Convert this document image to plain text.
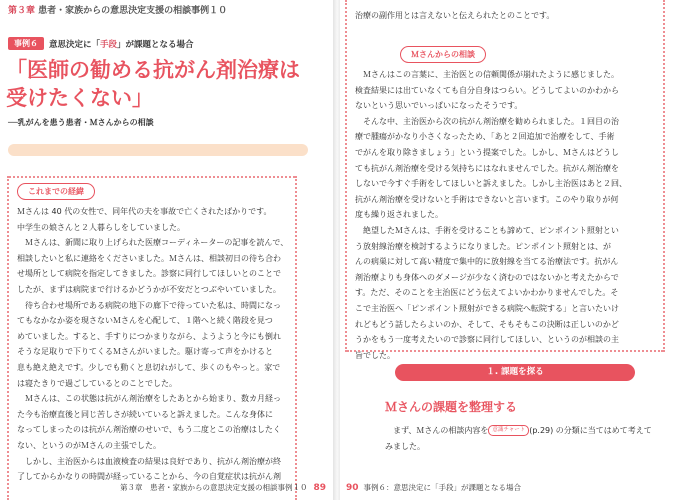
第３章 患者・家族からの意思決定支援の相談事例１０
事例６	意思決定に「手段」が課題となる場合
「医師の勧める抗がん剤治療は
受けたくない」
──乳がんを患う患者・Ｍさんからの相談
これまでの経緯

Ｍさんは 40 代の女性で、同年代の夫を事故で亡くされたばかりです。

中学生の娘さんと２人暮らしをしていました。

　Ｍさんは、新聞に取り上げられた医療コーディネーターの記事を読んで、

相談したいと私に連絡をくださいました。Ｍさんは、相談初日の待ち合わ

せ場所として病院を指定してきました。診察に同行してほしいとのことで

したが、まずは病院まで行けるかどうかが不安だとつぶやいていました。

　待ち合わせ場所である病院の地下の廊下で待っていた私は、時間になっ

てもなかなか姿を現さないＭさんを心配して、１階へと続く階段を見つ

めていました。すると、手すりにつかまりながら、ようようと今にも倒れ

そうな足取りで下りてくるＭさんがいました。駆け寄って声をかけると

息も絶え絶えです。少しでも動くと息切れがして、歩くのもやっと。家で

は寝たきりで過ごしているとのことでした。

　Ｍさんは、この状態は抗がん剤治療をしたあとから始まり、数カ月経っ

た今も治療直後と同じ苦しさが続いていると訴えました。こんな身体に

なってしまったのは抗がん剤治療のせいで、もう二度とこの治療はしたく

ない、というのがＭさんの主張でした。

　しかし、主治医からは血液検査の結果は良好であり、抗がん剤治療が終

了してからかなりの時間が経っていることから、今の自覚症状は抗がん剤

第３章　患者・家族からの意思決定支援の相談事例１０ 89

治療の副作用とは言えないと伝えられたとのことです。

Ｍさんからの相談

　Ｍさんはこの言葉に、主治医との信頼関係が崩れたように感じました。

検査結果には出ていなくても自分自身はつらい。どうしてよいのかわから

ないという思いでいっぱいになったそうです。

　そんな中、主治医から次の抗がん剤治療を勧められました。１回目の治

療で腫瘍がかなり小さくなったため、「あと２回追加で治療をして、手術

でがんを取り除きましょう」という提案でした。しかし、Ｍさんはどうし

ても抗がん剤治療を受ける気持ちにはなれませんでした。抗がん剤治療を

しないで今すぐ手術をしてほしいと訴えました。しかし主治医はあと２回、

抗がん剤治療を受けないと手術はできないと言います。このやり取りが何

度も繰り返されました。

　絶望したＭさんは、手術を受けることも諦めて、ピンポイント照射とい

う放射線治療を検討するようになりました。ピンポイント照射とは、が

んの病巣に対して高い精度で集中的に放射線を当てる治療法です。抗がん

剤治療よりも身体へのダメージが少なく済むのではないかと考えたからで

す。ただ、そのことを主治医にどう伝えてよいかわかりませんでした。そ

こで主治医へ「ピンポイント照射ができる病院へ転院する」と言いたいけ

れどもどう話したらよいのか、そして、そもそもこの決断は正しいのかど

うかをもう一度考えたいので診察に同行してほしい、というのが相談の主

旨でした。

１. 課題を探る
Ｍさんの課題を整理する

　まず、Ｍさんの相談内容を 意識チャート (p.29) の分類に当てはめて考えて

みました。

90 事例６：意思決定に「手段」が課題となる場合
